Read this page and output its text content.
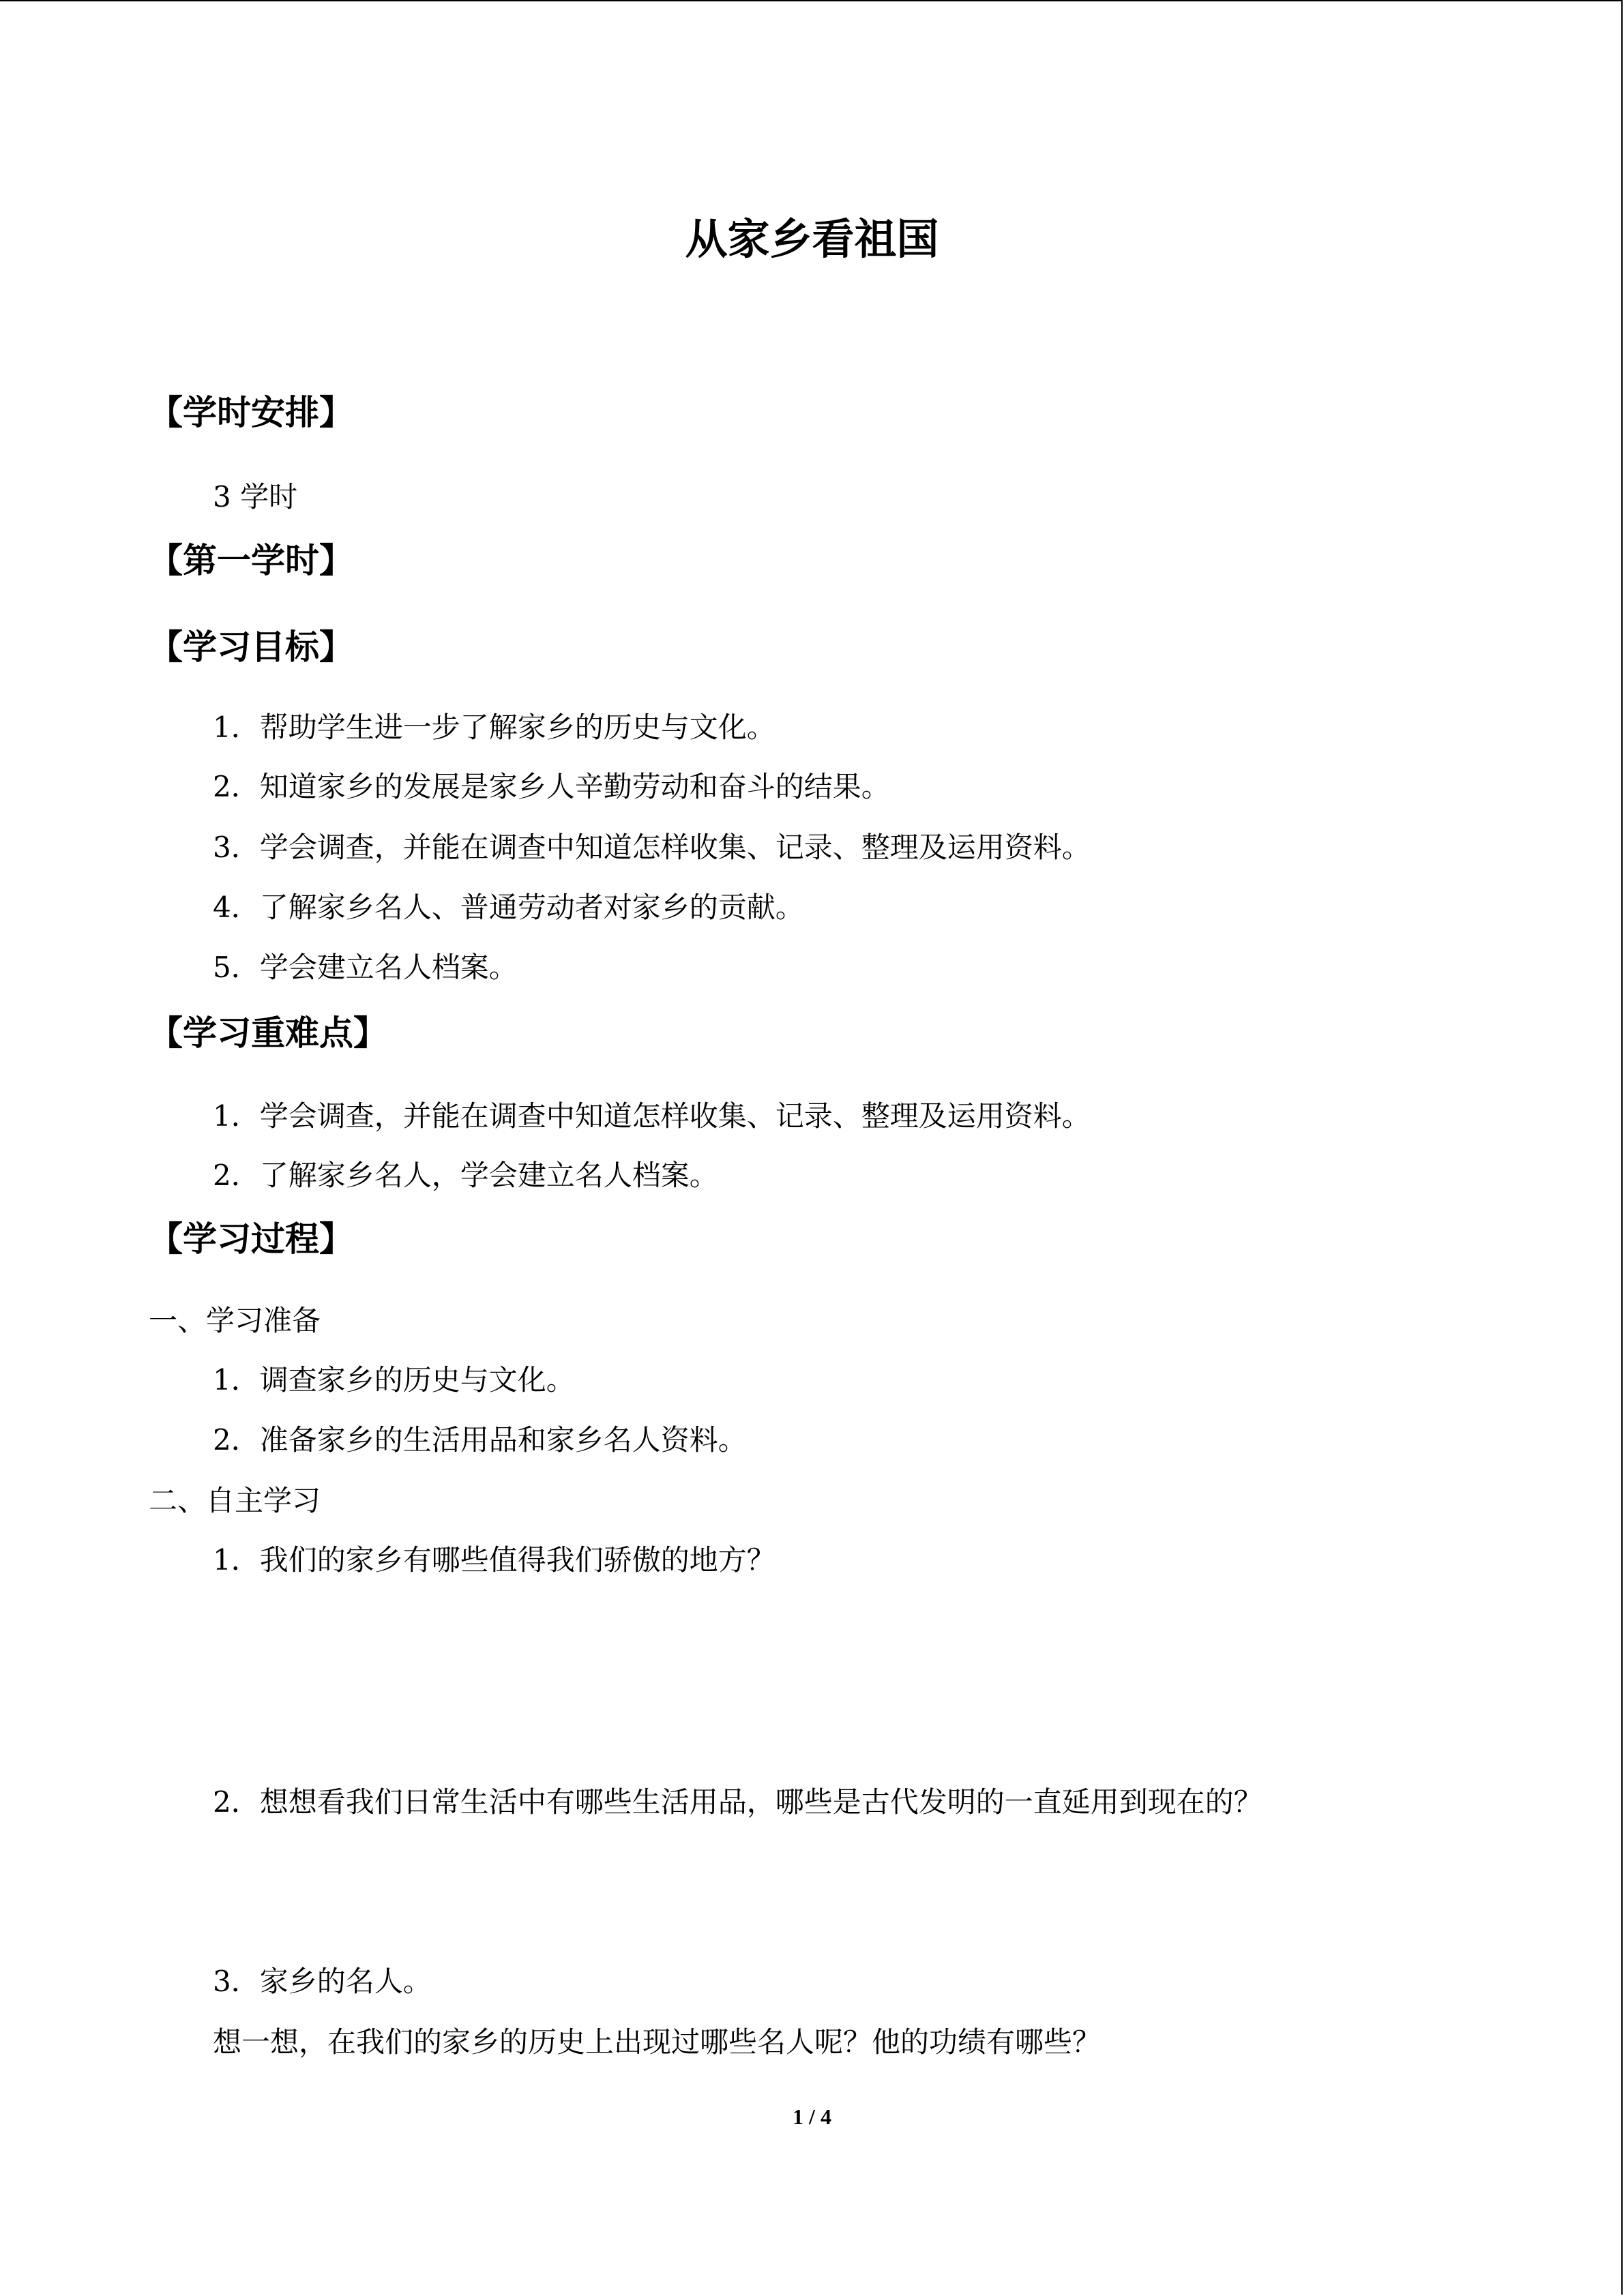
从家乡看祖国
【学时安排】
3 学时
【第一学时】
【学习目标】
1．帮助学生进一步了解家乡的历史与文化。
2．知道家乡的发展是家乡人辛勤劳动和奋斗的结果。
3．学会调查，并能在调查中知道怎样收集、记录、整理及运用资料。
4．了解家乡名人、普通劳动者对家乡的贡献。
5．学会建立名人档案。
【学习重难点】
1．学会调查，并能在调查中知道怎样收集、记录、整理及运用资料。
2．了解家乡名人，学会建立名人档案。
【学习过程】
一、学习准备
1．调查家乡的历史与文化。
2．准备家乡的生活用品和家乡名人资料。
二、自主学习
1．我们的家乡有哪些值得我们骄傲的地方？
2．想想看我们日常生活中有哪些生活用品，哪些是古代发明的一直延用到现在的？
3．家乡的名人。
想一想，在我们的家乡的历史上出现过哪些名人呢？他的功绩有哪些？
1 / 4
